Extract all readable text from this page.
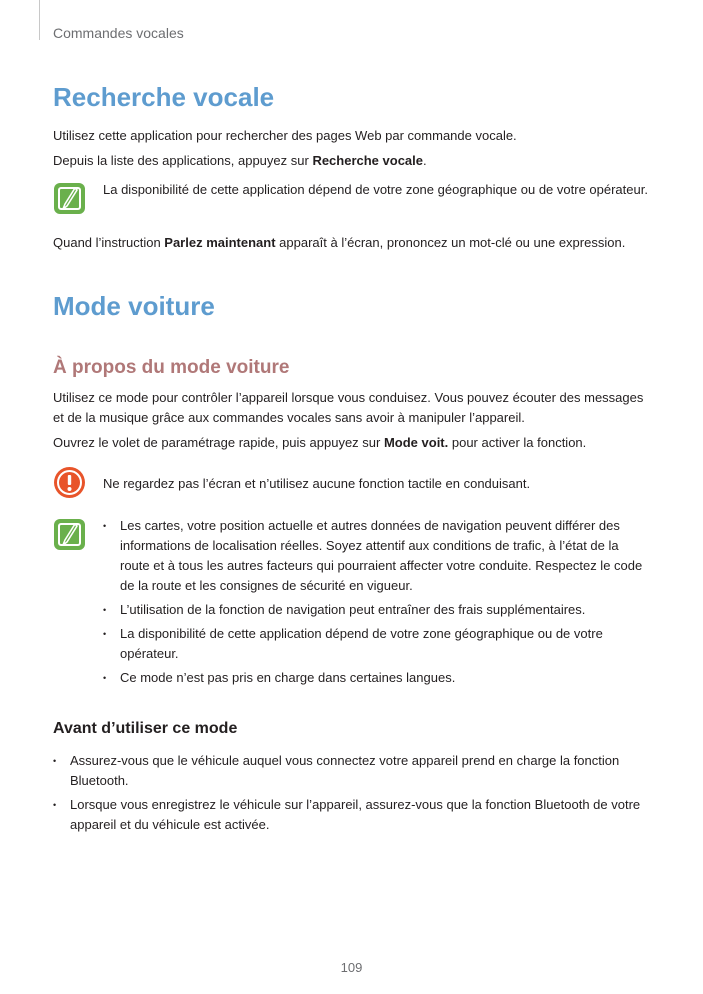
Commandes vocales
Recherche vocale
Utilisez cette application pour rechercher des pages Web par commande vocale.
Depuis la liste des applications, appuyez sur Recherche vocale.
La disponibilité de cette application dépend de votre zone géographique ou de votre opérateur.
Quand l’instruction Parlez maintenant apparaît à l’écran, prononcez un mot-clé ou une expression.
Mode voiture
À propos du mode voiture
Utilisez ce mode pour contrôler l’appareil lorsque vous conduisez. Vous pouvez écouter des messages et de la musique grâce aux commandes vocales sans avoir à manipuler l’appareil.
Ouvrez le volet de paramétrage rapide, puis appuyez sur Mode voit. pour activer la fonction.
Ne regardez pas l’écran et n’utilisez aucune fonction tactile en conduisant.
• Les cartes, votre position actuelle et autres données de navigation peuvent différer des informations de localisation réelles. Soyez attentif aux conditions de trafic, à l’état de la route et à tous les autres facteurs qui pourraient affecter votre conduite. Respectez le code de la route et les consignes de sécurité en vigueur.
• L’utilisation de la fonction de navigation peut entraîner des frais supplémentaires.
• La disponibilité de cette application dépend de votre zone géographique ou de votre opérateur.
• Ce mode n’est pas pris en charge dans certaines langues.
Avant d’utiliser ce mode
• Assurez-vous que le véhicule auquel vous connectez votre appareil prend en charge la fonction Bluetooth.
• Lorsque vous enregistrez le véhicule sur l’appareil, assurez-vous que la fonction Bluetooth de votre appareil et du véhicule est activée.
109
